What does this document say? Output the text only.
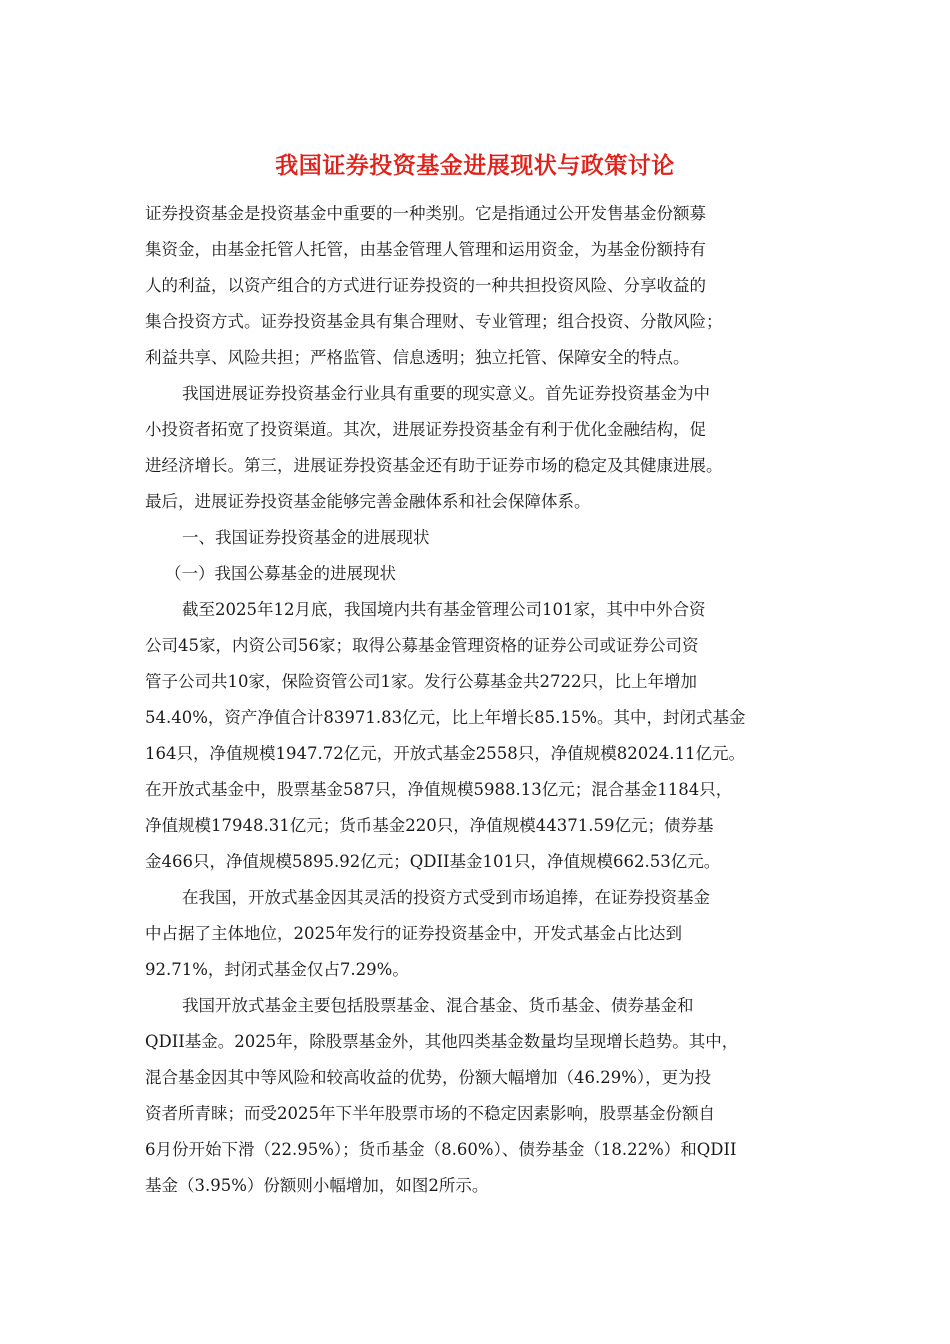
我国证券投资基金进展现状与政策讨论

证券投资基金是投资基金中重要的一种类别。它是指通过公开发售基金份额募

集资金，由基金托管人托管，由基金管理人管理和运用资金，为基金份额持有

人的利益，以资产组合的方式进行证券投资的一种共担投资风险、分享收益的

集合投资方式。证券投资基金具有集合理财、专业管理；组合投资、分散风险；

利益共享、风险共担；严格监管、信息透明；独立托管、保障安全的特点。

我国进展证券投资基金行业具有重要的现实意义。首先证券投资基金为中

小投资者拓宽了投资渠道。其次，进展证券投资基金有利于优化金融结构，促

进经济增长。第三，进展证券投资基金还有助于证券市场的稳定及其健康进展。

最后，进展证券投资基金能够完善金融体系和社会保障体系。

一、我国证券投资基金的进展现状

（一）我国公募基金的进展现状

截至2025年12月底，我国境内共有基金管理公司101家，其中中外合资

公司45家，内资公司56家；取得公募基金管理资格的证券公司或证券公司资

管子公司共10家，保险资管公司1家。发行公募基金共2722只，比上年增加

54.40%，资产净值合计83971.83亿元，比上年增长85.15%。其中，封闭式基金

164只，净值规模1947.72亿元，开放式基金2558只，净值规模82024.11亿元。

在开放式基金中，股票基金587只，净值规模5988.13亿元；混合基金1184只，

净值规模17948.31亿元；货币基金220只，净值规模44371.59亿元；债券基

金466只，净值规模5895.92亿元；QDII基金101只，净值规模662.53亿元。

在我国，开放式基金因其灵活的投资方式受到市场追捧，在证券投资基金

中占据了主体地位，2025年发行的证券投资基金中，开发式基金占比达到

92.71%，封闭式基金仅占7.29%。

我国开放式基金主要包括股票基金、混合基金、货币基金、债券基金和

QDII基金。2025年，除股票基金外，其他四类基金数量均呈现增长趋势。其中，

混合基金因其中等风险和较高收益的优势，份额大幅增加（46.29%），更为投

资者所青睐；而受2025年下半年股票市场的不稳定因素影响，股票基金份额自

6月份开始下滑（22.95%）；货币基金（8.60%）、债券基金（18.22%）和QDII

基金（3.95%）份额则小幅增加，如图2所示。
